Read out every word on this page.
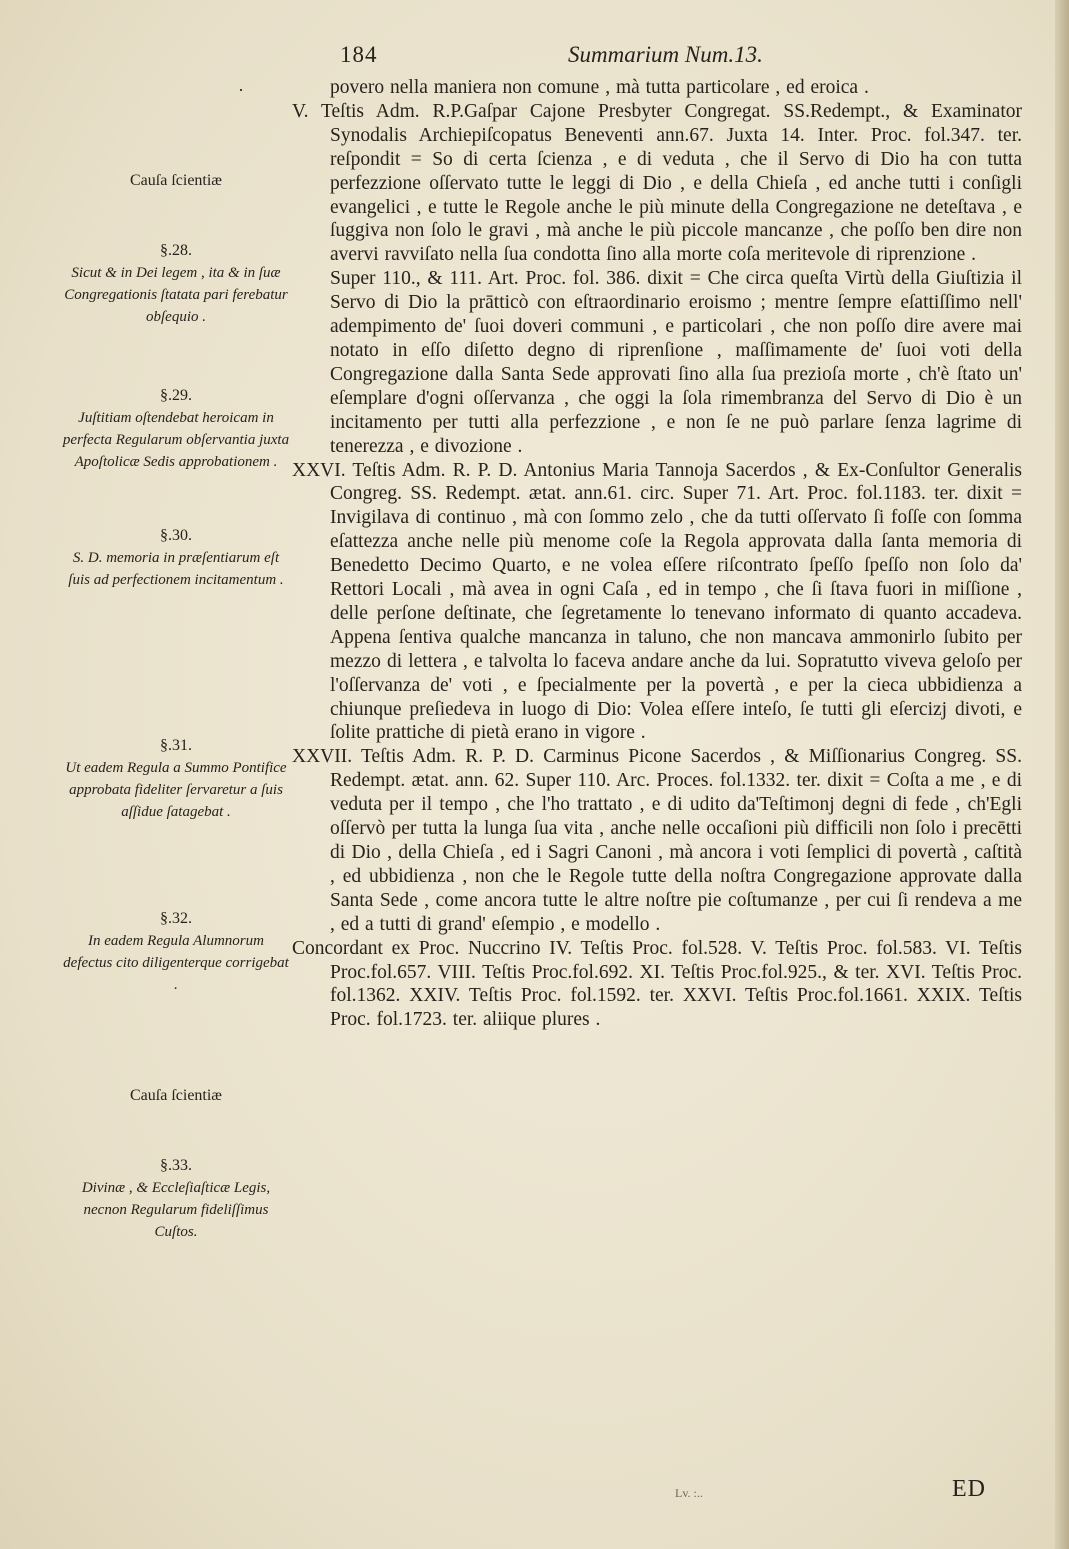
184	Summarium Num.13.
·
Cauſa ſcientiæ
§.28.
Sicut & in Dei legem , ita & in ſuæ Congregationis ſtatata pari ferebatur obſequio .
§.29.
Juſtitiam oſtendebat heroicam in perfecta Regularum obſervantia juxta Apoſtolicæ Sedis approbationem .
§.30.
S. D. memoria in præſentiarum eſt ſuis ad perfectionem incitamentum .
§.31.
Ut eadem Regula a Summo Pontifice approbata fideliter ſervaretur a ſuis aſſidue ſatagebat .
§.32.
In eadem Regula Alumnorum defectus cito diligenterque corrigebat .
Cauſa ſcientiæ
§.33.
Divinæ , & Eccleſiaſticæ Legis, necnon Regularum fideliſſimus Cuſtos.

povero nella maniera non comune , mà tutta particolare , ed eroica .

V. Teſtis Adm. R.P.Gaſpar Cajone Presbyter Congregat. SS.Redempt., & Examinator Synodalis Archiepiſcopatus Beneventi ann.67. Juxta 14. Inter. Proc. fol.347. ter. reſpondit = So di certa ſcienza , e di veduta , che il Servo di Dio ha con tutta perfezzione oſſervato tutte le leggi di Dio , e della Chieſa , ed anche tutti i conſigli evangelici , e tutte le Regole anche le più minute della Congregazione ne deteſtava , e ſuggiva non ſolo le gravi , mà anche le più piccole mancanze , che poſſo ben dire non avervi ravviſato nella ſua condotta ſino alla morte coſa meritevole di riprenzione .

Super 110., & 111. Art. Proc. fol. 386. dixit = Che circa queſta Virtù della Giuſtizia il Servo di Dio la prātticò con eſtraordinario eroismo ; mentre ſempre eſattiſſimo nell' adempimento de' ſuoi doveri communi , e particolari , che non poſſo dire avere mai notato in eſſo diſetto degno di riprenſione , maſſimamente de' ſuoi voti della Congregazione dalla Santa Sede approvati ſino alla ſua prezioſa morte , ch'è ſtato un' eſemplare d'ogni oſſervanza , che oggi la ſola rimembranza del Servo di Dio è un incitamento per tutti alla perfezzione , e non ſe ne può parlare ſenza lagrime di tenerezza , e divozione .

XXVI. Teſtis Adm. R. P. D. Antonius Maria Tannoja Sacerdos , & Ex-Conſultor Generalis Congreg. SS. Redempt. ætat. ann.61. circ. Super 71. Art. Proc. fol.1183. ter. dixit = Invigilava di continuo , mà con ſommo zelo , che da tutti oſſervato ſi foſſe con ſomma eſattezza anche nelle più menome coſe la Regola approvata dalla ſanta memoria di Benedetto Decimo Quarto, e ne volea eſſere riſcontrato ſpeſſo ſpeſſo non ſolo da' Rettori Locali , mà avea in ogni Caſa , ed in tempo , che ſi ſtava fuori in miſſione , delle perſone deſtinate, che ſegretamente lo tenevano informato di quanto accadeva. Appena ſentiva qualche mancanza in taluno, che non mancava ammonirlo ſubito per mezzo di lettera , e talvolta lo faceva andare anche da lui. Sopratutto viveva geloſo per l'oſſervanza de' voti , e ſpecialmente per la povertà , e per la cieca ubbidienza a chiunque preſiedeva in luogo di Dio: Volea eſſere inteſo, ſe tutti gli eſercizj divoti, e ſolite prattiche di pietà erano in vigore .

XXVII. Teſtis Adm. R. P. D. Carminus Picone Sacerdos , & Miſſionarius Congreg. SS. Redempt. ætat. ann. 62. Super 110. Arc. Proces. fol.1332. ter. dixit = Coſta a me , e di veduta per il tempo , che l'ho trattato , e di udito da'Teſtimonj degni di fede , ch'Egli oſſervò per tutta la lunga ſua vita , anche nelle occaſioni più difficili non ſolo i precētti di Dio , della Chieſa , ed i Sagri Canoni , mà ancora i voti ſemplici di povertà , caſtità , ed ubbidienza , non che le Regole tutte della noſtra Congregazione approvate dalla Santa Sede , come ancora tutte le altre noſtre pie coſtumanze , per cui ſi rendeva a me , ed a tutti di grand' eſempio , e modello .

Concordant ex Proc. Nuccrino IV. Teſtis Proc. fol.528. V. Teſtis Proc. fol.583. VI. Teſtis Proc.fol.657. VIII. Teſtis Proc.fol.692. XI. Teſtis Proc.fol.925., & ter. XVI. Teſtis Proc. fol.1362. XXIV. Teſtis Proc. fol.1592. ter. XXVI. Teſtis Proc.fol.1661. XXIX. Teſtis Proc. fol.1723. ter. aliique plures .

Lv. :..	ED
